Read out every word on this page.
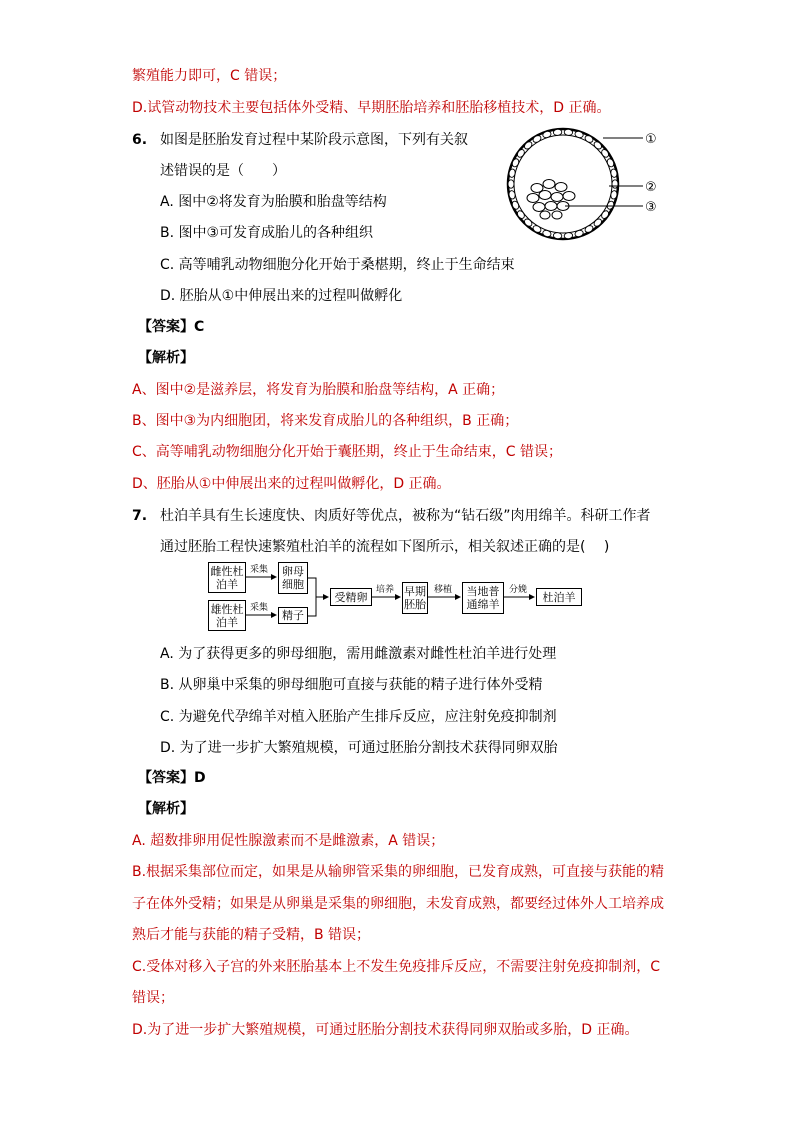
繁殖能力即可，C 错误；
D.试管动物技术主要包括体外受精、早期胚胎培养和胚胎移植技术，D 正确。
6. 如图是胚胎发育过程中某阶段示意图，下列有关叙
述错误的是（　　）
A. 图中②将发育为胎膜和胎盘等结构
B. 图中③可发育成胎儿的各种组织
C. 高等哺乳动物细胞分化开始于桑椹期，终止于生命结束
D. 胚胎从①中伸展出来的过程叫做孵化
①
②
③
【答案】C
【解析】
A、图中②是滋养层，将发育为胎膜和胎盘等结构，A 正确；
B、图中③为内细胞团，将来发育成胎儿的各种组织，B 正确；
C、高等哺乳动物细胞分化开始于囊胚期，终止于生命结束，C 错误；
D、胚胎从①中伸展出来的过程叫做孵化，D 正确。
7. 杜泊羊具有生长速度快、肉质好等优点，被称为“钻石级”肉用绵羊。科研工作者
通过胚胎工程快速繁殖杜泊羊的流程如下图所示，相关叙述正确的是(　 )
雌性杜泊羊
雄性杜泊羊
卵母细胞
精子
受精卵	早期胚胎
当地普通绵羊
杜泊羊
采集
采集
培养	移植	分娩
A. 为了获得更多的卵母细胞，需用雌激素对雌性杜泊羊进行处理
B. 从卵巢中采集的卵母细胞可直接与获能的精子进行体外受精
C. 为避免代孕绵羊对植入胚胎产生排斥反应，应注射免疫抑制剂
D. 为了进一步扩大繁殖规模，可通过胚胎分割技术获得同卵双胎
【答案】D
【解析】
A. 超数排卵用促性腺激素而不是雌激素，A 错误；
B.根据采集部位而定，如果是从输卵管采集的卵细胞，已发育成熟，可直接与获能的精
子在体外受精；如果是从卵巢是采集的卵细胞，未发育成熟，都要经过体外人工培养成
熟后才能与获能的精子受精，B 错误；
C.受体对移入子宫的外来胚胎基本上不发生免疫排斥反应，不需要注射免疫抑制剂，C
错误；
D.为了进一步扩大繁殖规模，可通过胚胎分割技术获得同卵双胎或多胎，D 正确。
